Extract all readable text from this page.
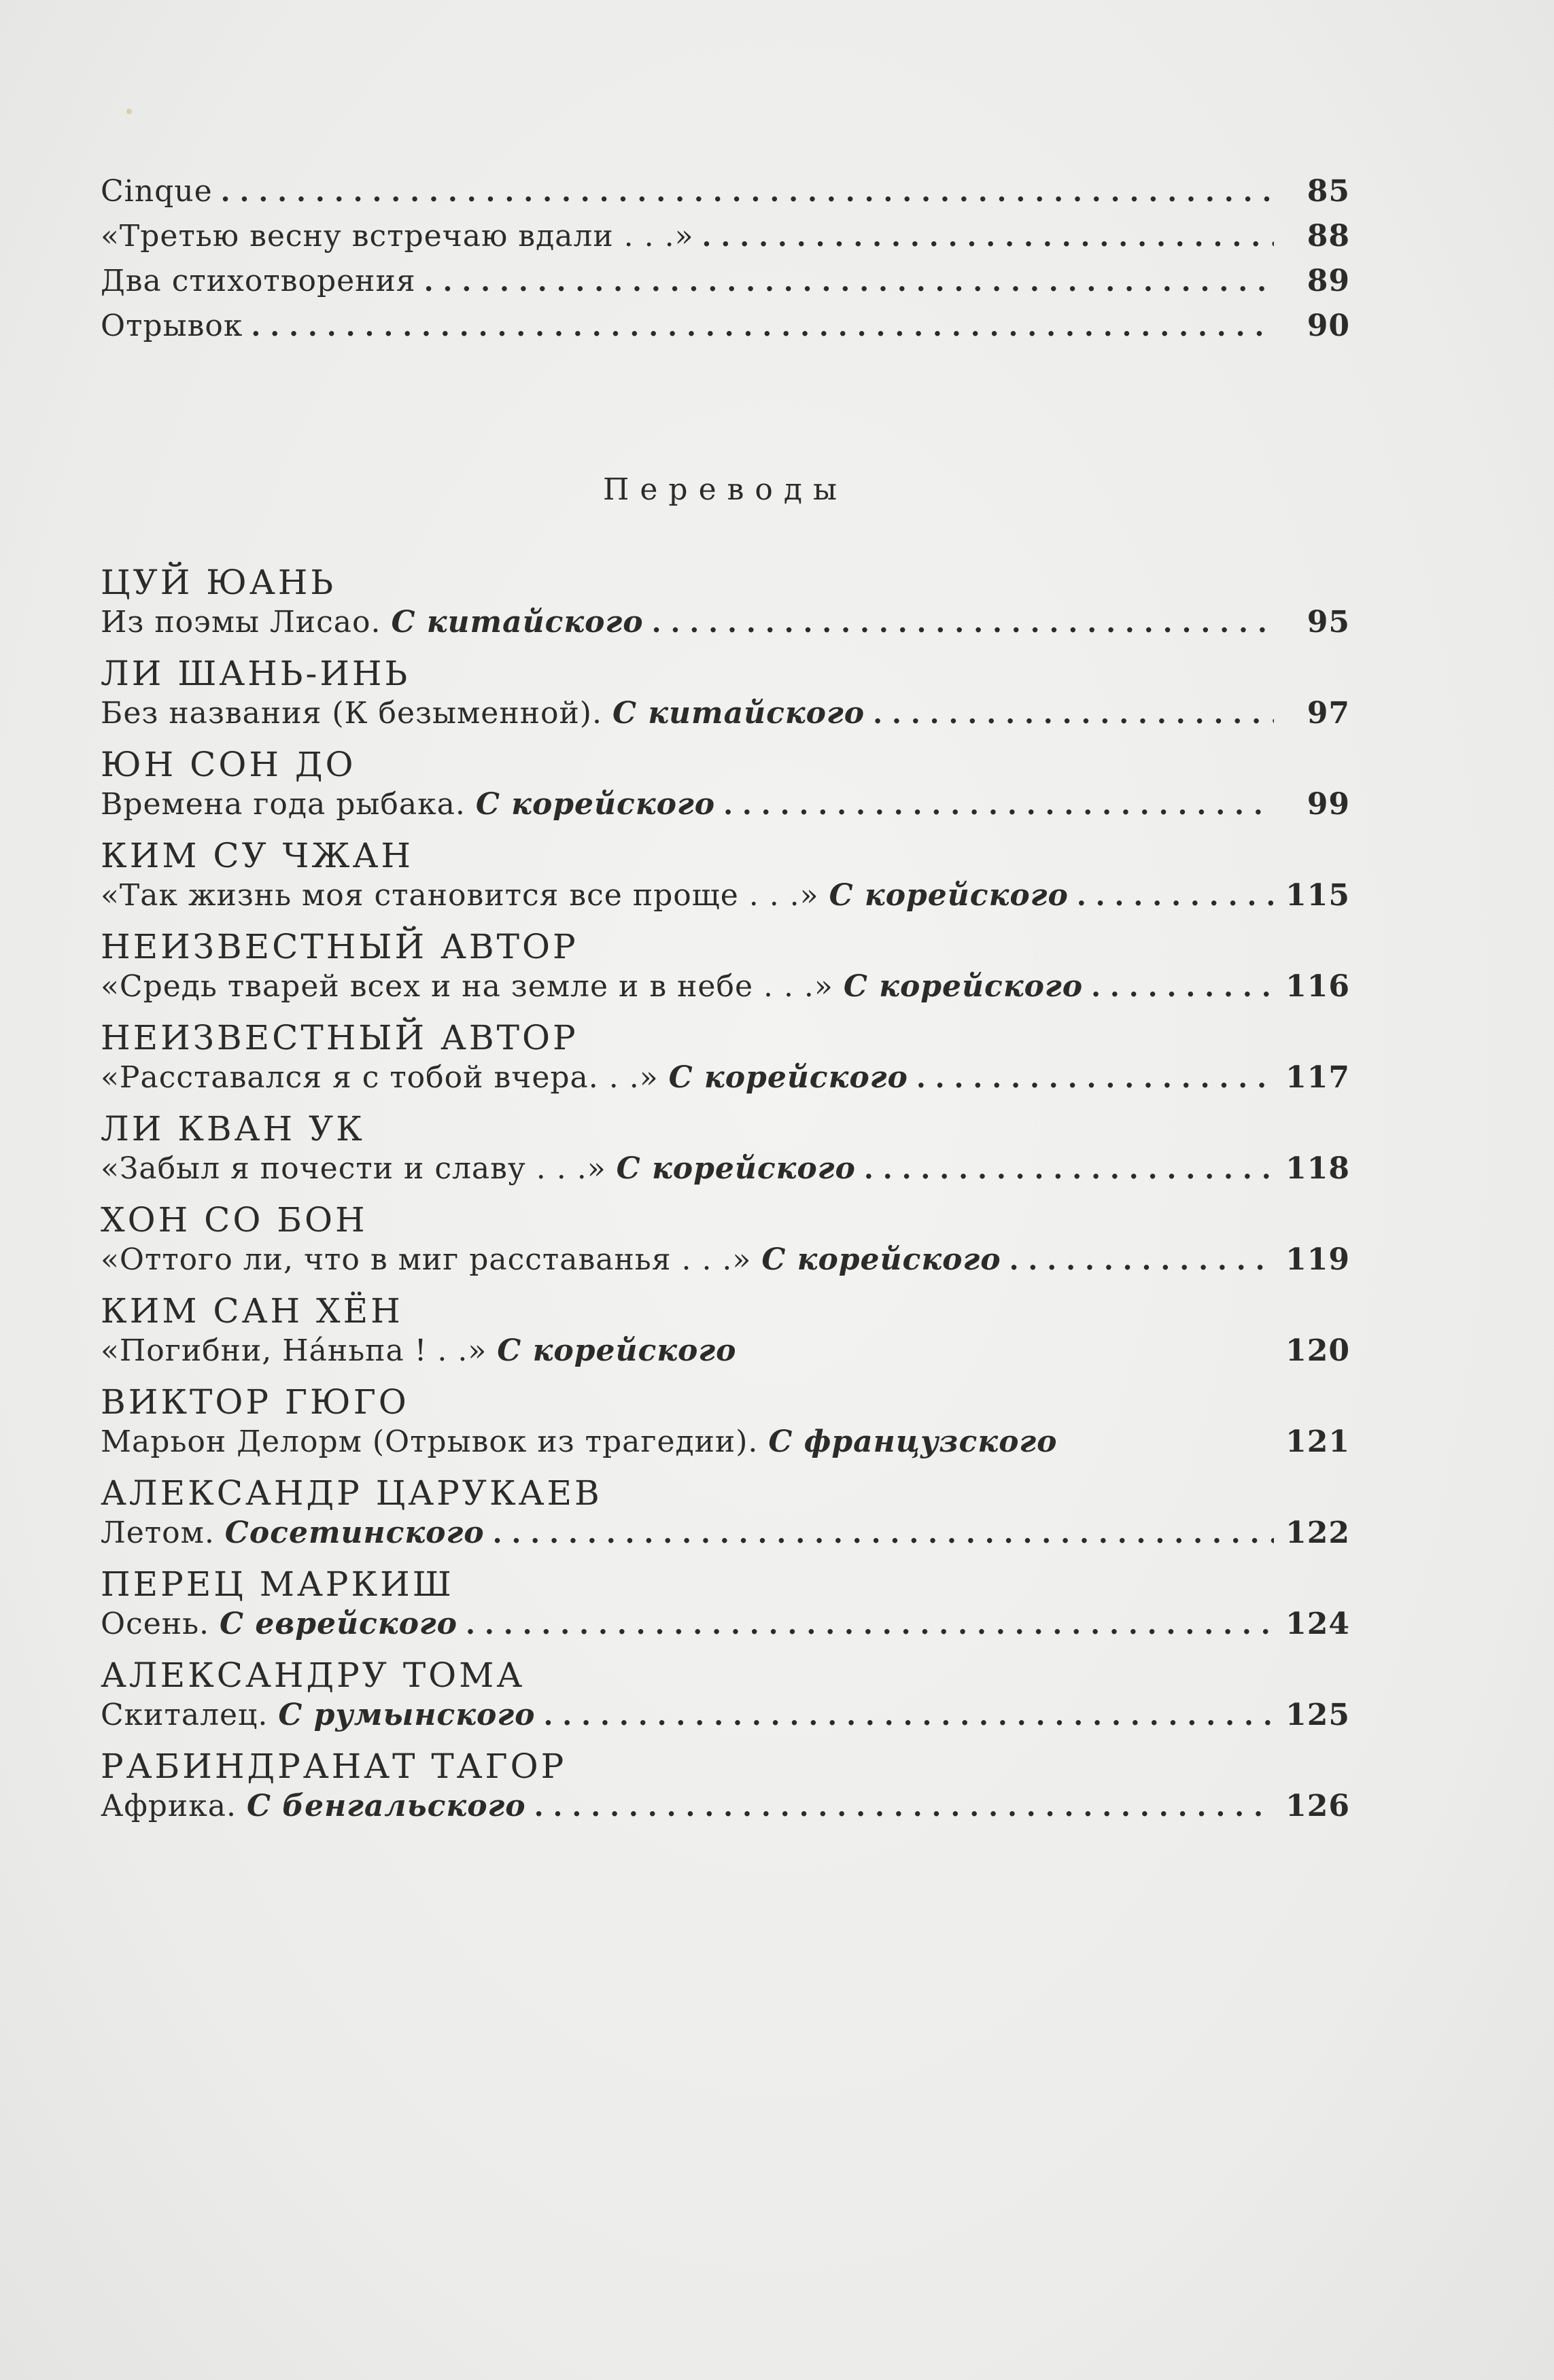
Cinque . . .	85
«Третью весну встречаю вдали . . .» . . .	88
Два стихотворения . . .	89
Отрывок . . .	90
Переводы
ЦУЙ ЮАНЬ
Из поэмы Лисао. С китайского . . .	95
ЛИ ШАНЬ-ИНЬ
Без названия (К безыменной). С китайского . . .	97
ЮН СОН ДО
Времена года рыбака. С корейского . . .	99
КИМ СУ ЧЖАН
«Так жизнь моя становится все проще . . .» С корейского . . .	115
НЕИЗВЕСТНЫЙ АВТОР
«Средь тварей всех и на земле и в небе . . .» С корейского . . .	116
НЕИЗВЕСТНЫЙ АВТОР
«Расставался я с тобой вчера. . .» С корейского . . .	117
ЛИ КВАН УК
«Забыл я почести и славу . . .» С корейского . . .	118
ХОН СО БОН
«Оттого ли, что в миг расставанья . . .» С корейского . . .	119
КИМ САН ХЁН
«Погибни, Нáньпа ! . .» С корейского	120
ВИКТОР ГЮГО
Марьон Делорм (Отрывок из трагедии). С французского	121
АЛЕКСАНДР ЦАРУКАЕВ
Летом. Сосетинского . . .	122
ПЕРЕЦ МАРКИШ
Осень. С еврейского . . .	124
АЛЕКСАНДРУ ТОМА
Скиталец. С румынского . . .	125
РАБИНДРАНАТ ТАГОР
Африка. С бенгальского . . .	126
